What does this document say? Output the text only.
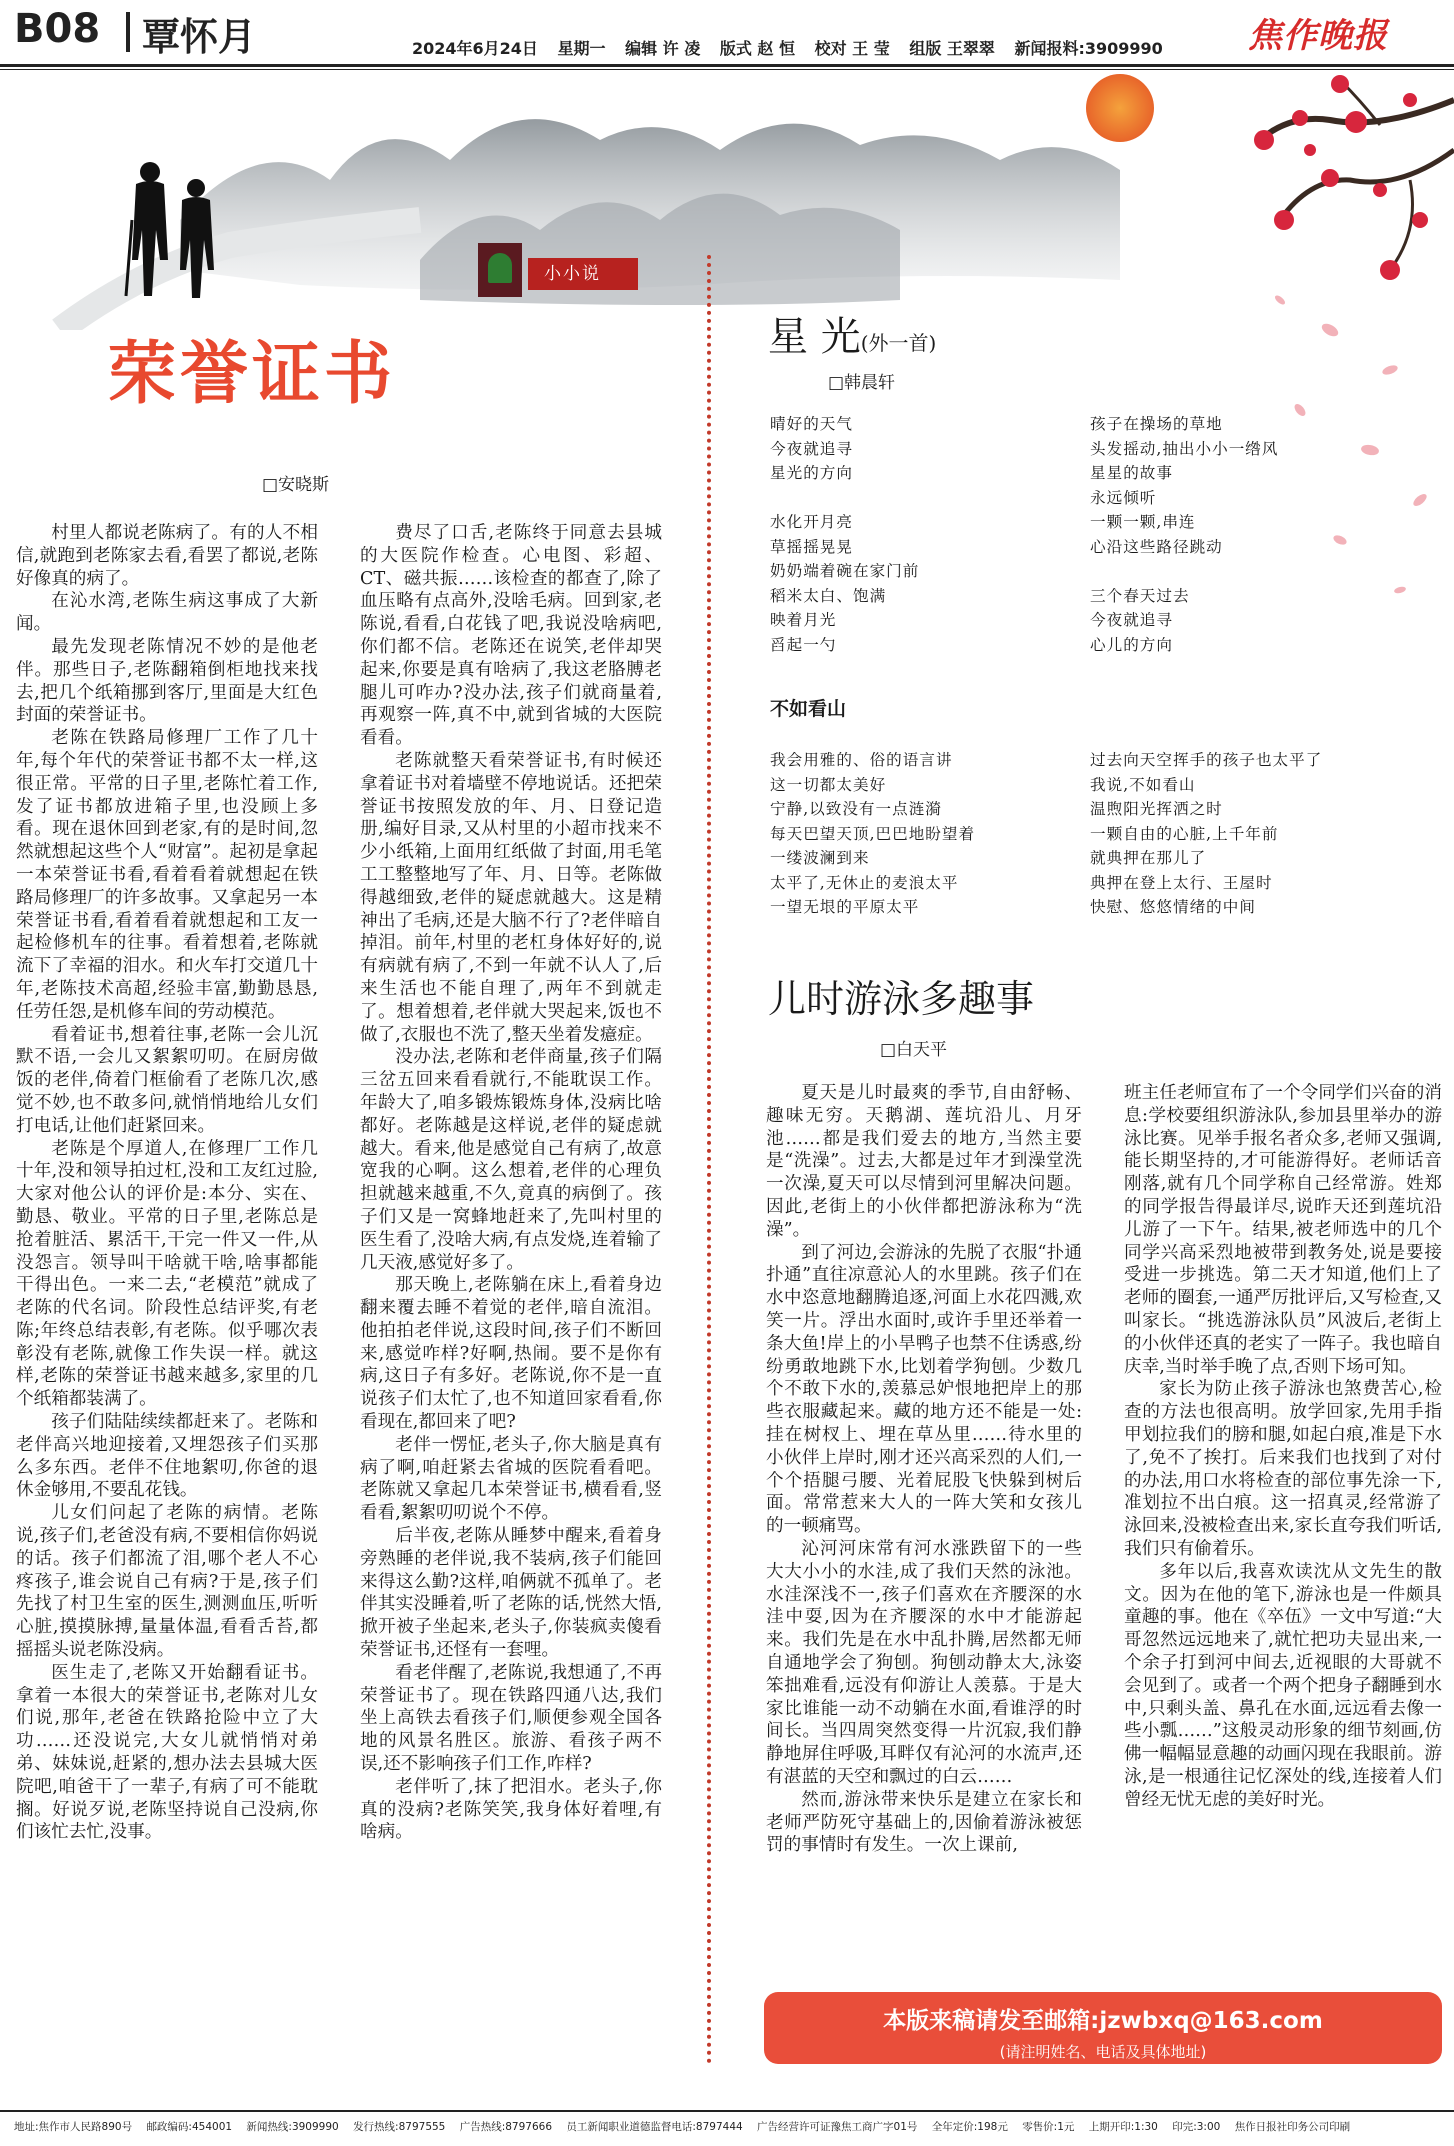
B08 覃怀月	2024年6月24日 星期一 编辑 许 凌 版式 赵 恒 校对 王 莹 组版 王翠翠 新闻报料:3909990	焦作晚报
小小说
荣誉证书
□安晓斯

村里人都说老陈病了。有的人不相信,就跑到老陈家去看,看罢了都说,老陈好像真的病了。

在沁水湾,老陈生病这事成了大新闻。

最先发现老陈情况不妙的是他老伴。那些日子,老陈翻箱倒柜地找来找去,把几个纸箱挪到客厅,里面是大红色封面的荣誉证书。

老陈在铁路局修理厂工作了几十年,每个年代的荣誉证书都不太一样,这很正常。平常的日子里,老陈忙着工作,发了证书都放进箱子里,也没顾上多看。现在退休回到老家,有的是时间,忽然就想起这些个人“财富”。起初是拿起一本荣誉证书看,看着看着就想起在铁路局修理厂的许多故事。又拿起另一本荣誉证书看,看着看着就想起和工友一起检修机车的往事。看着想着,老陈就流下了幸福的泪水。和火车打交道几十年,老陈技术高超,经验丰富,勤勤恳恳,任劳任怨,是机修车间的劳动模范。

看着证书,想着往事,老陈一会儿沉默不语,一会儿又絮絮叨叨。在厨房做饭的老伴,倚着门框偷看了老陈几次,感觉不妙,也不敢多问,就悄悄地给儿女们打电话,让他们赶紧回来。

老陈是个厚道人,在修理厂工作几十年,没和领导拍过杠,没和工友红过脸,大家对他公认的评价是:本分、实在、勤恳、敬业。平常的日子里,老陈总是抢着脏活、累活干,干完一件又一件,从没怨言。领导叫干啥就干啥,啥事都能干得出色。一来二去,“老模范”就成了老陈的代名词。阶段性总结评奖,有老陈;年终总结表彰,有老陈。似乎哪次表彰没有老陈,就像工作失误一样。就这样,老陈的荣誉证书越来越多,家里的几个纸箱都装满了。

孩子们陆陆续续都赶来了。老陈和老伴高兴地迎接着,又埋怨孩子们买那么多东西。老伴不住地絮叨,你爸的退休金够用,不要乱花钱。

儿女们问起了老陈的病情。老陈说,孩子们,老爸没有病,不要相信你妈说的话。孩子们都流了泪,哪个老人不心疼孩子,谁会说自己有病?于是,孩子们先找了村卫生室的医生,测测血压,听听心脏,摸摸脉搏,量量体温,看看舌苔,都摇摇头说老陈没病。

医生走了,老陈又开始翻看证书。拿着一本很大的荣誉证书,老陈对儿女们说,那年,老爸在铁路抢险中立了大功……还没说完,大女儿就悄悄对弟弟、妹妹说,赶紧的,想办法去县城大医院吧,咱爸干了一辈子,有病了可不能耽搁。好说歹说,老陈坚持说自己没病,你们该忙去忙,没事。

费尽了口舌,老陈终于同意去县城的大医院作检查。心电图、彩超、CT、磁共振……该检查的都查了,除了血压略有点高外,没啥毛病。回到家,老陈说,看看,白花钱了吧,我说没啥病吧,你们都不信。老陈还在说笑,老伴却哭起来,你要是真有啥病了,我这老胳膊老腿儿可咋办?没办法,孩子们就商量着,再观察一阵,真不中,就到省城的大医院看看。

老陈就整天看荣誉证书,有时候还拿着证书对着墙壁不停地说话。还把荣誉证书按照发放的年、月、日登记造册,编好目录,又从村里的小超市找来不少小纸箱,上面用红纸做了封面,用毛笔工工整整地写了年、月、日等。老陈做得越细致,老伴的疑虑就越大。这是精神出了毛病,还是大脑不行了?老伴暗自掉泪。前年,村里的老杠身体好好的,说有病就有病了,不到一年就不认人了,后来生活也不能自理了,两年不到就走了。想着想着,老伴就大哭起来,饭也不做了,衣服也不洗了,整天坐着发癔症。

没办法,老陈和老伴商量,孩子们隔三岔五回来看看就行,不能耽误工作。年龄大了,咱多锻炼锻炼身体,没病比啥都好。老陈越是这样说,老伴的疑虑就越大。看来,他是感觉自己有病了,故意宽我的心啊。这么想着,老伴的心理负担就越来越重,不久,竟真的病倒了。孩子们又是一窝蜂地赶来了,先叫村里的医生看了,没啥大病,有点发烧,连着输了几天液,感觉好多了。

那天晚上,老陈躺在床上,看着身边翻来覆去睡不着觉的老伴,暗自流泪。他拍拍老伴说,这段时间,孩子们不断回来,感觉咋样?好啊,热闹。要不是你有病,这日子有多好。老陈说,你不是一直说孩子们太忙了,也不知道回家看看,你看现在,都回来了吧?

老伴一愣怔,老头子,你大脑是真有病了啊,咱赶紧去省城的医院看看吧。老陈就又拿起几本荣誉证书,横看看,竖看看,絮絮叨叨说个不停。

后半夜,老陈从睡梦中醒来,看着身旁熟睡的老伴说,我不装病,孩子们能回来得这么勤?这样,咱俩就不孤单了。老伴其实没睡着,听了老陈的话,恍然大悟,掀开被子坐起来,老头子,你装疯卖傻看荣誉证书,还怪有一套哩。

看老伴醒了,老陈说,我想通了,不再荣誉证书了。现在铁路四通八达,我们坐上高铁去看孩子们,顺便参观全国各地的风景名胜区。旅游、看孩子两不误,还不影响孩子们工作,咋样?

老伴听了,抹了把泪水。老头子,你真的没病?老陈笑笑,我身体好着哩,有啥病。

星 光(外一首)
□韩晨轩
晴好的天气
今夜就追寻
星光的方向

水化开月亮
草摇摇晃晃
奶奶端着碗在家门前
稻米太白、饱满
映着月光
舀起一勺
孩子在操场的草地
头发摇动,抽出小小一绺风
星星的故事
永远倾听
一颗一颗,串连
心沿这些路径跳动

三个春天过去
今夜就追寻
心儿的方向
不如看山
我会用雅的、俗的语言讲
这一切都太美好
宁静,以致没有一点涟漪
每天巴望天顶,巴巴地盼望着
一缕波澜到来
太平了,无休止的麦浪太平
一望无垠的平原太平
过去向天空挥手的孩子也太平了
我说,不如看山
温煦阳光挥洒之时
一颗自由的心脏,上千年前
就典押在那儿了
典押在登上太行、王屋时
快慰、悠悠情绪的中间
儿时游泳多趣事
□白天平

夏天是儿时最爽的季节,自由舒畅、趣味无穷。天鹅湖、莲坑沿儿、月牙池……都是我们爱去的地方,当然主要是“洗澡”。过去,大都是过年才到澡堂洗一次澡,夏天可以尽情到河里解决问题。因此,老街上的小伙伴都把游泳称为“洗澡”。

到了河边,会游泳的先脱了衣服“扑通扑通”直往凉意沁人的水里跳。孩子们在水中恣意地翻腾追逐,河面上水花四溅,欢笑一片。浮出水面时,或许手里还举着一条大鱼!岸上的小旱鸭子也禁不住诱惑,纷纷勇敢地跳下水,比划着学狗刨。少数几个不敢下水的,羡慕忌妒恨地把岸上的那些衣服藏起来。藏的地方还不能是一处:挂在树杈上、埋在草丛里……待水里的小伙伴上岸时,刚才还兴高采烈的人们,一个个捂腿弓腰、光着屁股飞快躲到树后面。常常惹来大人的一阵大笑和女孩儿的一顿痛骂。

沁河河床常有河水涨跌留下的一些大大小小的水洼,成了我们天然的泳池。水洼深浅不一,孩子们喜欢在齐腰深的水洼中耍,因为在齐腰深的水中才能游起来。我们先是在水中乱扑腾,居然都无师自通地学会了狗刨。狗刨动静太大,泳姿笨拙难看,远没有仰游让人羡慕。于是大家比谁能一动不动躺在水面,看谁浮的时间长。当四周突然变得一片沉寂,我们静静地屏住呼吸,耳畔仅有沁河的水流声,还有湛蓝的天空和飘过的白云……

然而,游泳带来快乐是建立在家长和老师严防死守基础上的,因偷着游泳被惩罚的事情时有发生。一次上课前,

班主任老师宣布了一个令同学们兴奋的消息:学校要组织游泳队,参加县里举办的游泳比赛。见举手报名者众多,老师又强调,能长期坚持的,才可能游得好。老师话音刚落,就有几个同学称自己经常游。姓郑的同学报告得最详尽,说昨天还到莲坑沿儿游了一下午。结果,被老师选中的几个同学兴高采烈地被带到教务处,说是要接受进一步挑选。第二天才知道,他们上了老师的圈套,一通严厉批评后,又写检查,又叫家长。“挑选游泳队员”风波后,老街上的小伙伴还真的老实了一阵子。我也暗自庆幸,当时举手晚了点,否则下场可知。

家长为防止孩子游泳也煞费苦心,检查的方法也很高明。放学回家,先用手指甲划拉我们的膀和腿,如起白痕,准是下水了,免不了挨打。后来我们也找到了对付的办法,用口水将检查的部位事先涂一下,准划拉不出白痕。这一招真灵,经常游了泳回来,没被检查出来,家长直夸我们听话,我们只有偷着乐。

多年以后,我喜欢读沈从文先生的散文。因为在他的笔下,游泳也是一件颇具童趣的事。他在《卒伍》一文中写道:“大哥忽然远远地来了,就忙把功夫显出来,一个余子打到河中间去,近视眼的大哥就不会见到了。或者一个两个把身子翻睡到水中,只剩头盖、鼻孔在水面,远远看去像一些小瓢……”这般灵动形象的细节刻画,仿佛一幅幅显意趣的动画闪现在我眼前。游泳,是一根通往记忆深处的线,连接着人们曾经无忧无虑的美好时光。

本版来稿请发至邮箱:jzwbxq@163.com
(请注明姓名、电话及具体地址)
地址:焦作市人民路890号 邮政编码:454001 新闻热线:3909990 发行热线:8797555 广告热线:8797666 员工新闻职业道德监督电话:8797444 广告经营许可证豫焦工商广字01号 全年定价:198元 零售价:1元 上期开印:1:30 印完:3:00 焦作日报社印务公司印刷
